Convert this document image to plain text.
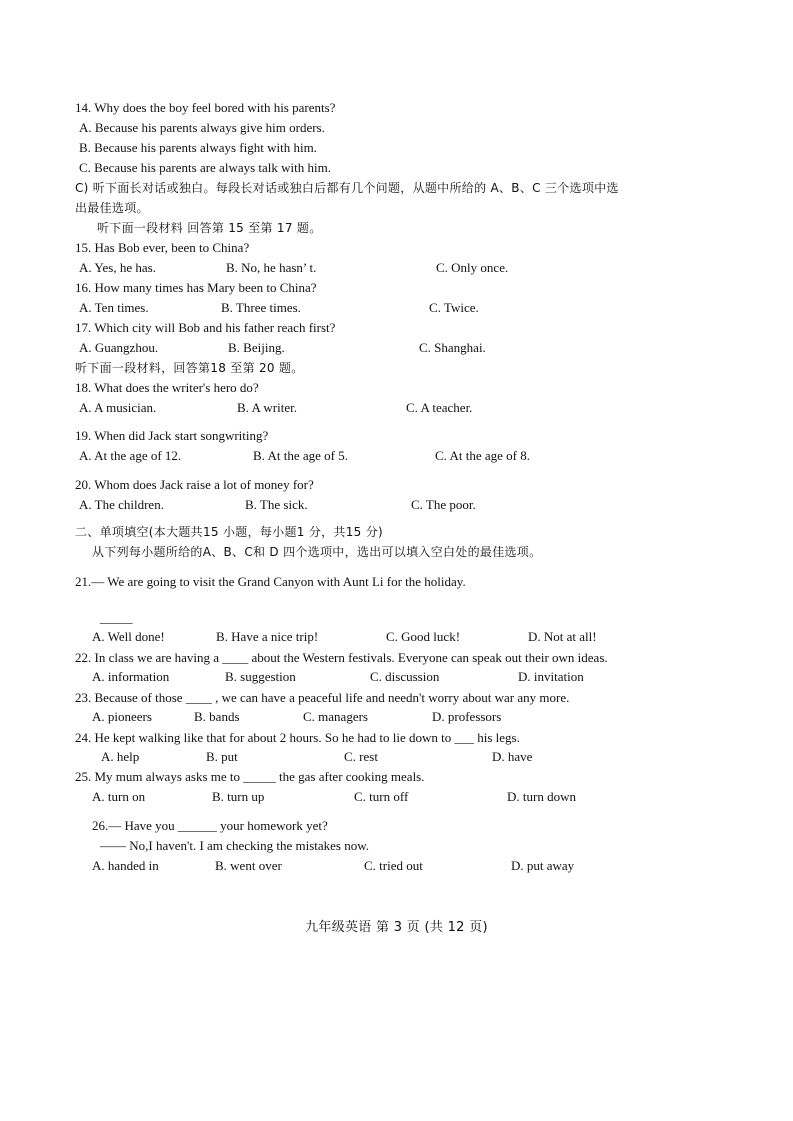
14. Why does the boy feel bored with his parents?
A. Because his parents always give him orders.
B. Because his parents always fight with him.
C. Because his parents are always talk with him.
C) 听下面长对话或独白。每段长对话或独白后都有几个问题，从题中所给的 A、B、C 三个选项中选
出最佳选项。
听下面一段材料 回答第 15 至第 17 题。
15. Has Bob ever, been to China?
A. Yes, he has.	B. No, he hasn’ t.	C. Only once.
16. How many times has Mary been to China?
A. Ten times.	B. Three times.	C. Twice.
17. Which city will Bob and his father reach first?
A. Guangzhou.	B. Beijing.	C. Shanghai.
听下面一段材料，回答第18 至第 20 题。
18. What does the writer's hero do?
A. A musician.	B. A writer.	C. A teacher.
19. When did Jack start songwriting?
A. At the age of 12.	B. At the age of 5.	C. At the age of 8.
20. Whom does Jack raise a lot of money for?
A. The children.	B. The sick.	C. The poor.
二、单项填空(本大题共15 小题，每小题1 分，共15 分)
从下列每小题所给的A、B、C和 D 四个选项中，选出可以填入空白处的最佳选项。
21.— We are going to visit the Grand Canyon with Aunt Li for the holiday.
_____
A. Well done!	B. Have a nice trip!	C. Good luck!	D. Not at all!
22. In class we are having a ____ about the Western festivals. Everyone can speak out their own ideas.
A. information	B. suggestion	C. discussion	D. invitation
23. Because of those ____ , we can have a peaceful life and needn't worry about war any more.
A. pioneers	B. bands	C. managers	D. professors
24. He kept walking like that for about 2 hours. So he had to lie down to ___ his legs.
A. help	B. put	C. rest	D. have
25. My mum always asks me to _____ the gas after cooking meals.
A. turn on	B. turn up	C. turn off	D. turn down
26.— Have you ______ your homework yet?
—— No,I haven't. I am checking the mistakes now.
A. handed in	B. went over	C. tried out	D. put away
九年级英语 第 3 页 (共 12 页)
